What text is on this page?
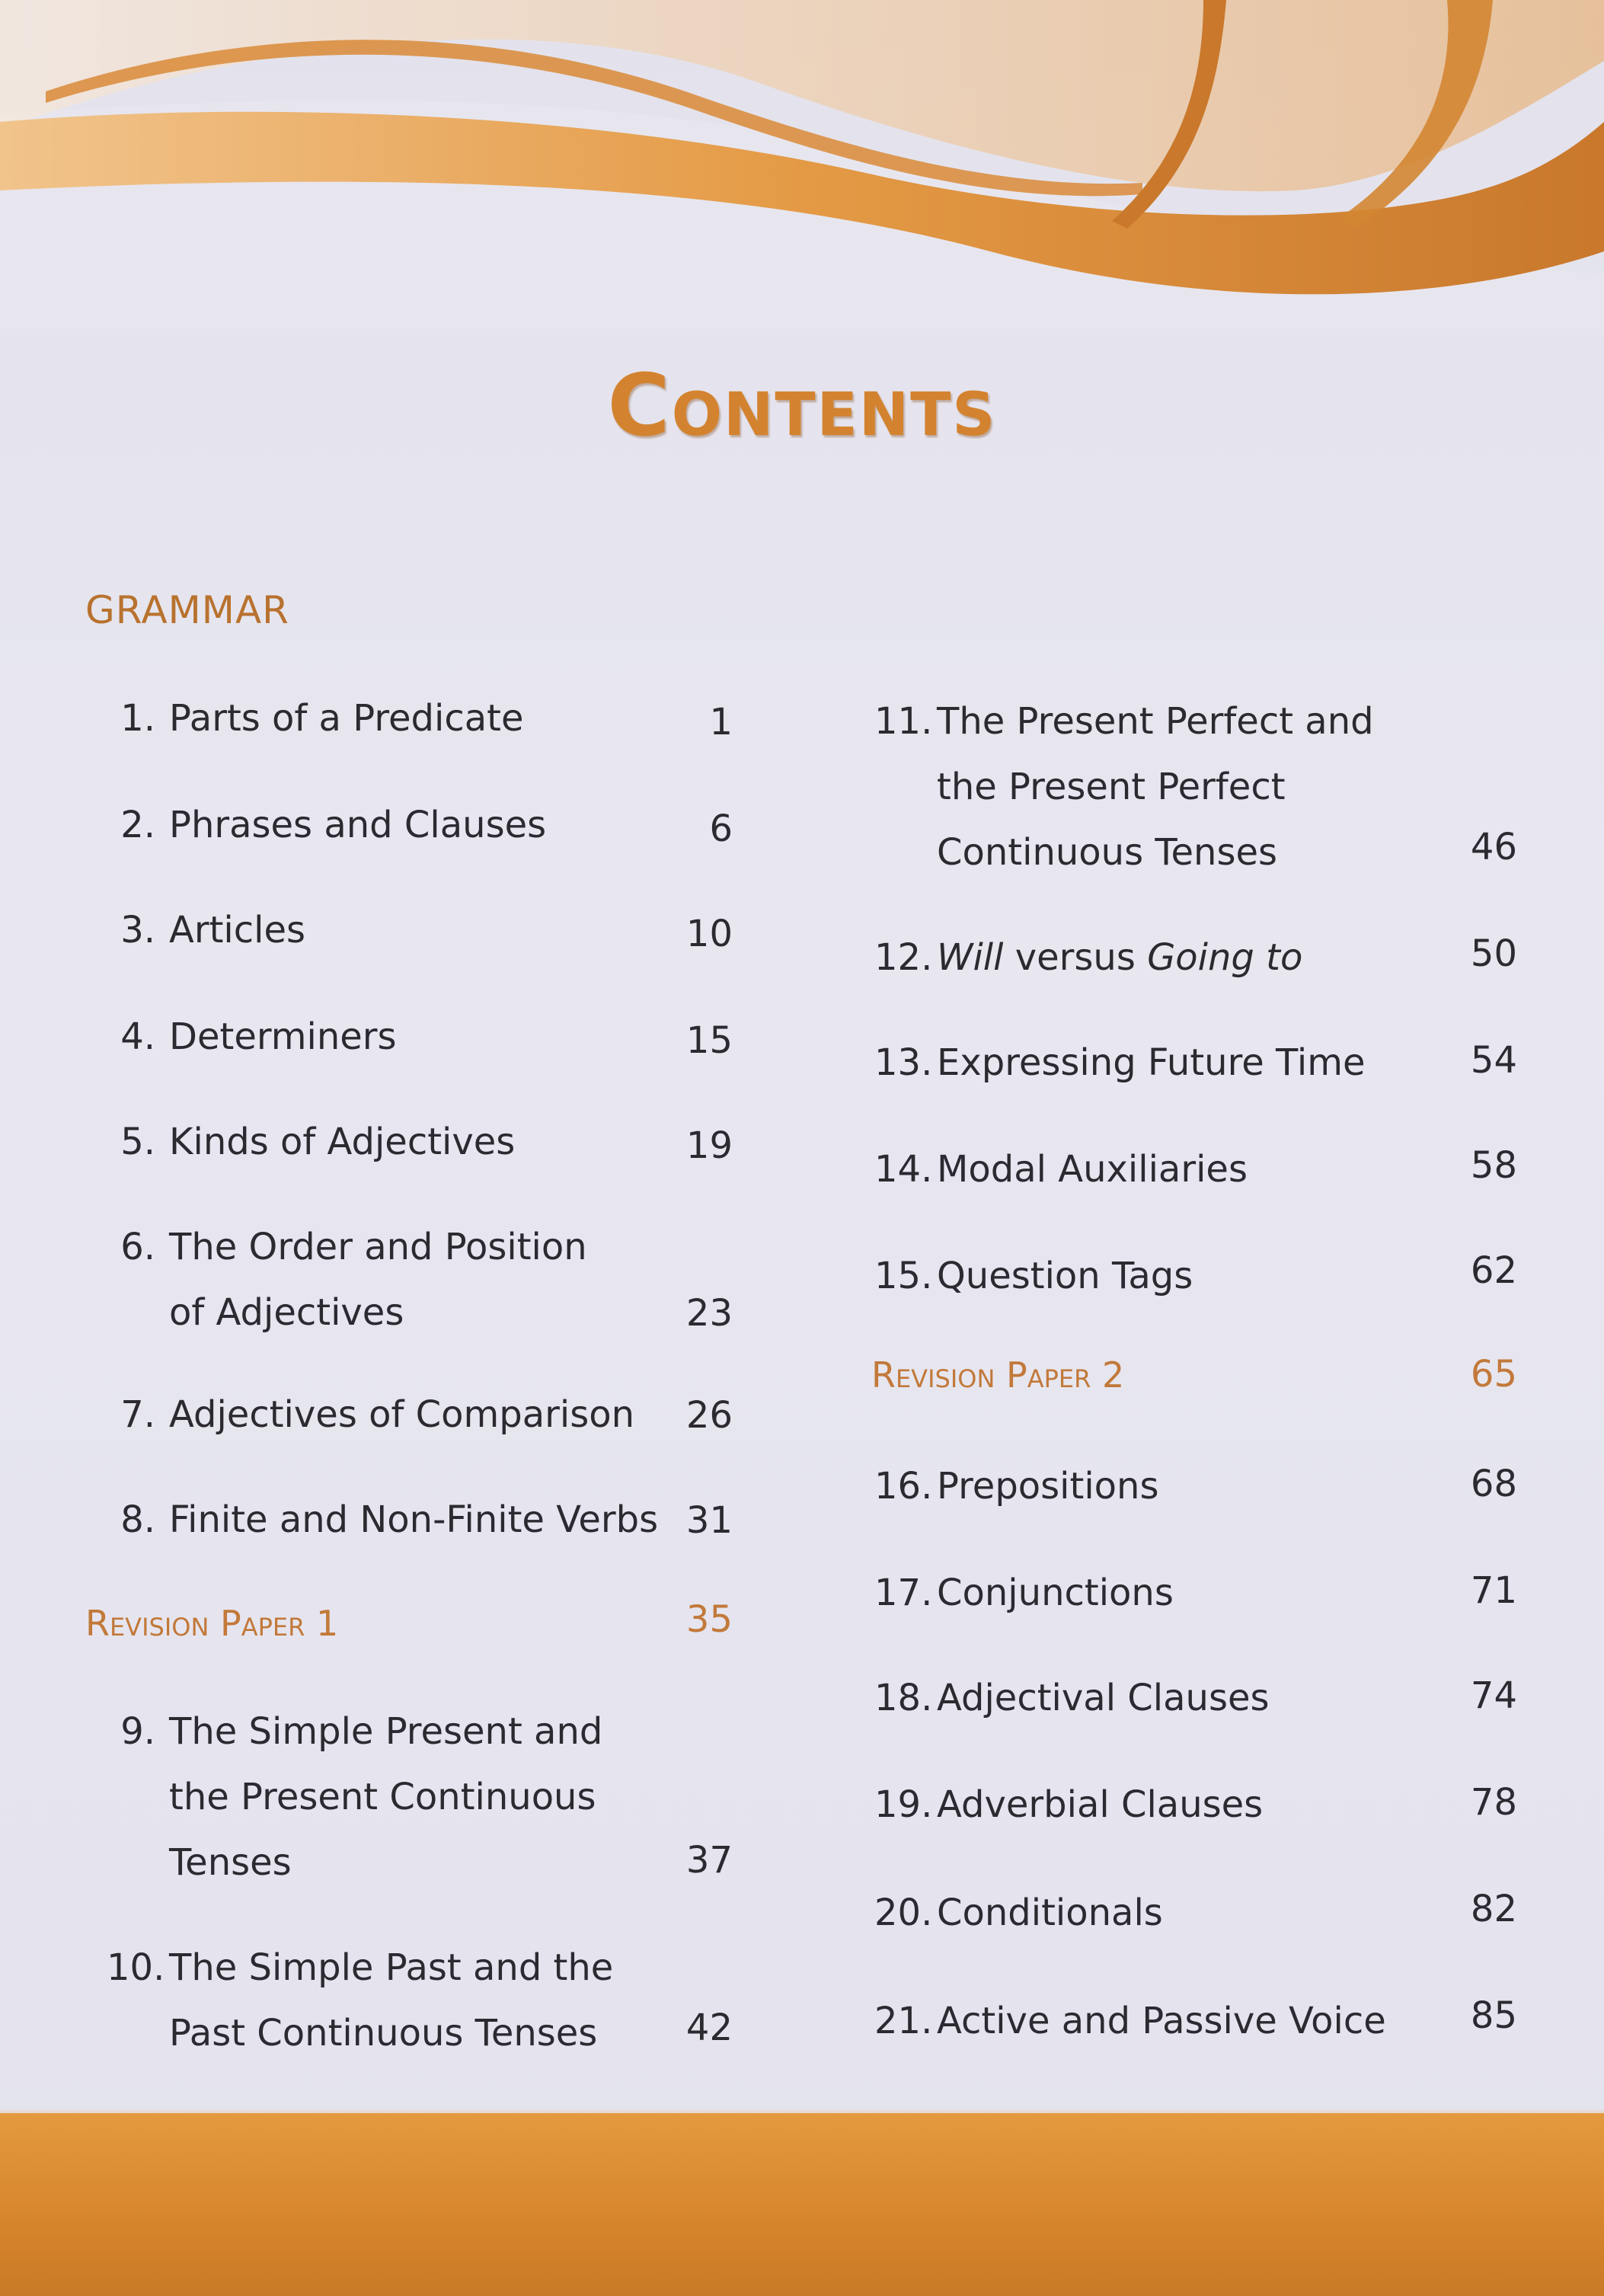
Contents
GRAMMAR
1. Parts of a Predicate	1
2. Phrases and Clauses	6
3. Articles	10
4. Determiners	15
5. Kinds of Adjectives	19
6. The Order and Position
of Adjectives	23
7. Adjectives of Comparison	26
8. Finite and Non-Finite Verbs 31
Revision Paper 1	35
9. The Simple Present and
the Present Continuous
Tenses	37
10. The Simple Past and the
Past Continuous Tenses	42
11. The Present Perfect and
the Present Perfect
Continuous Tenses	46
12. Will versus Going to	50
13. Expressing Future Time	54
14. Modal Auxiliaries	58
15. Question Tags	62
Revision Paper 2	65
16. Prepositions	68
17. Conjunctions	71
18. Adjectival Clauses	74
19. Adverbial Clauses	78
20. Conditionals	82
21. Active and Passive Voice	85
